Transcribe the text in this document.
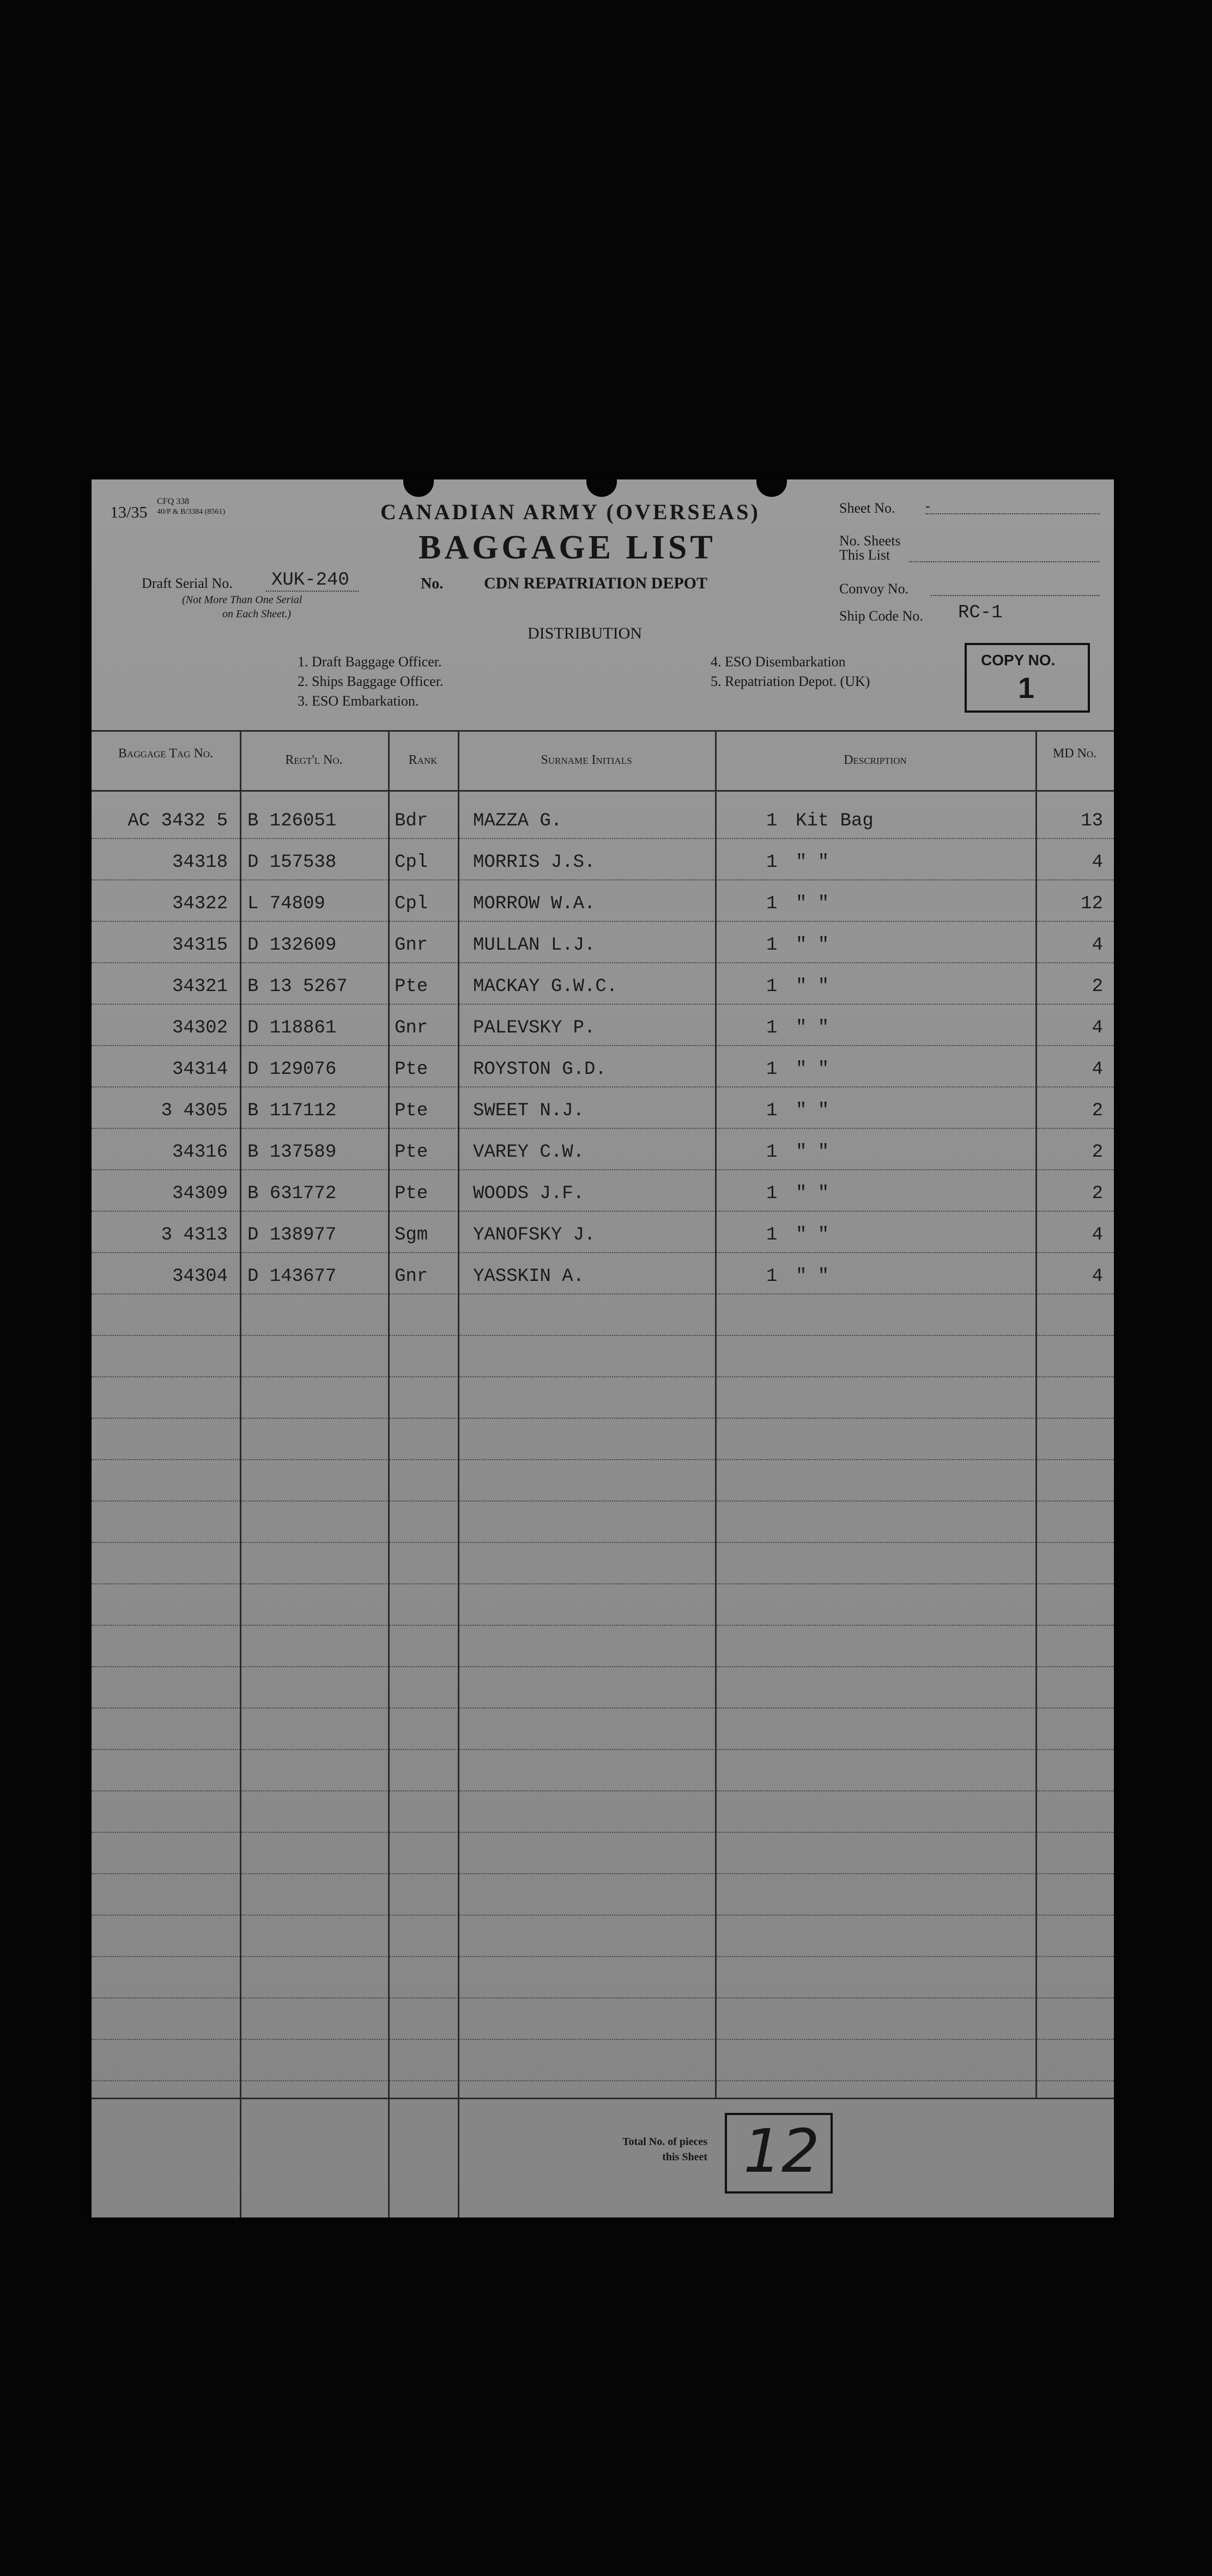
13/35
CFQ 338
40/P & B/3384 (8561)	CANADIAN ARMY (OVERSEAS)
BAGGAGE LIST
Draft Serial No. XUK-240
(Not More Than One Serial
on Each Sheet.)
No. CDN REPATRIATION DEPOT
Sheet No. -
No. Sheets
This List
Convoy No.
Ship Code No. RC-1
DISTRIBUTION
1. Draft Baggage Officer.
2. Ships Baggage Officer.
3. ESO Embarkation.
4. ESO Disembarkation
5. Repatriation Depot. (UK)
COPY NO.
1
Baggage Tag No.	Regt'l No.	Rank	Surname Initials	Description	MD No.
AC 3432 5 B 126051	Bdr	MAZZA G.	1 Kit Bag	13
34318 D 157538	Cpl	MORRIS J.S.	1 " "	4
34322 L 74809	Cpl	MORROW W.A.	1 " "	12
34315 D 132609	Gnr	MULLAN L.J.	1 " "	4
34321 B 13 5267	Pte	MACKAY G.W.C.	1 " "	2
34302 D 118861	Gnr	PALEVSKY P.	1 " "	4
34314 D 129076	Pte	ROYSTON G.D.	1 " "	4
3 4305 B 117112	Pte	SWEET N.J.	1 " "	2
34316 B 137589	Pte	VAREY C.W.	1 " "	2
34309 B 631772	Pte	WOODS J.F.	1 " "	2
3 4313 D 138977	Sgm	YANOFSKY J.	1 " "	4
34304 D 143677	Gnr	YASSKIN A.	1 " "	4
Total No. of pieces
this Sheet 12
